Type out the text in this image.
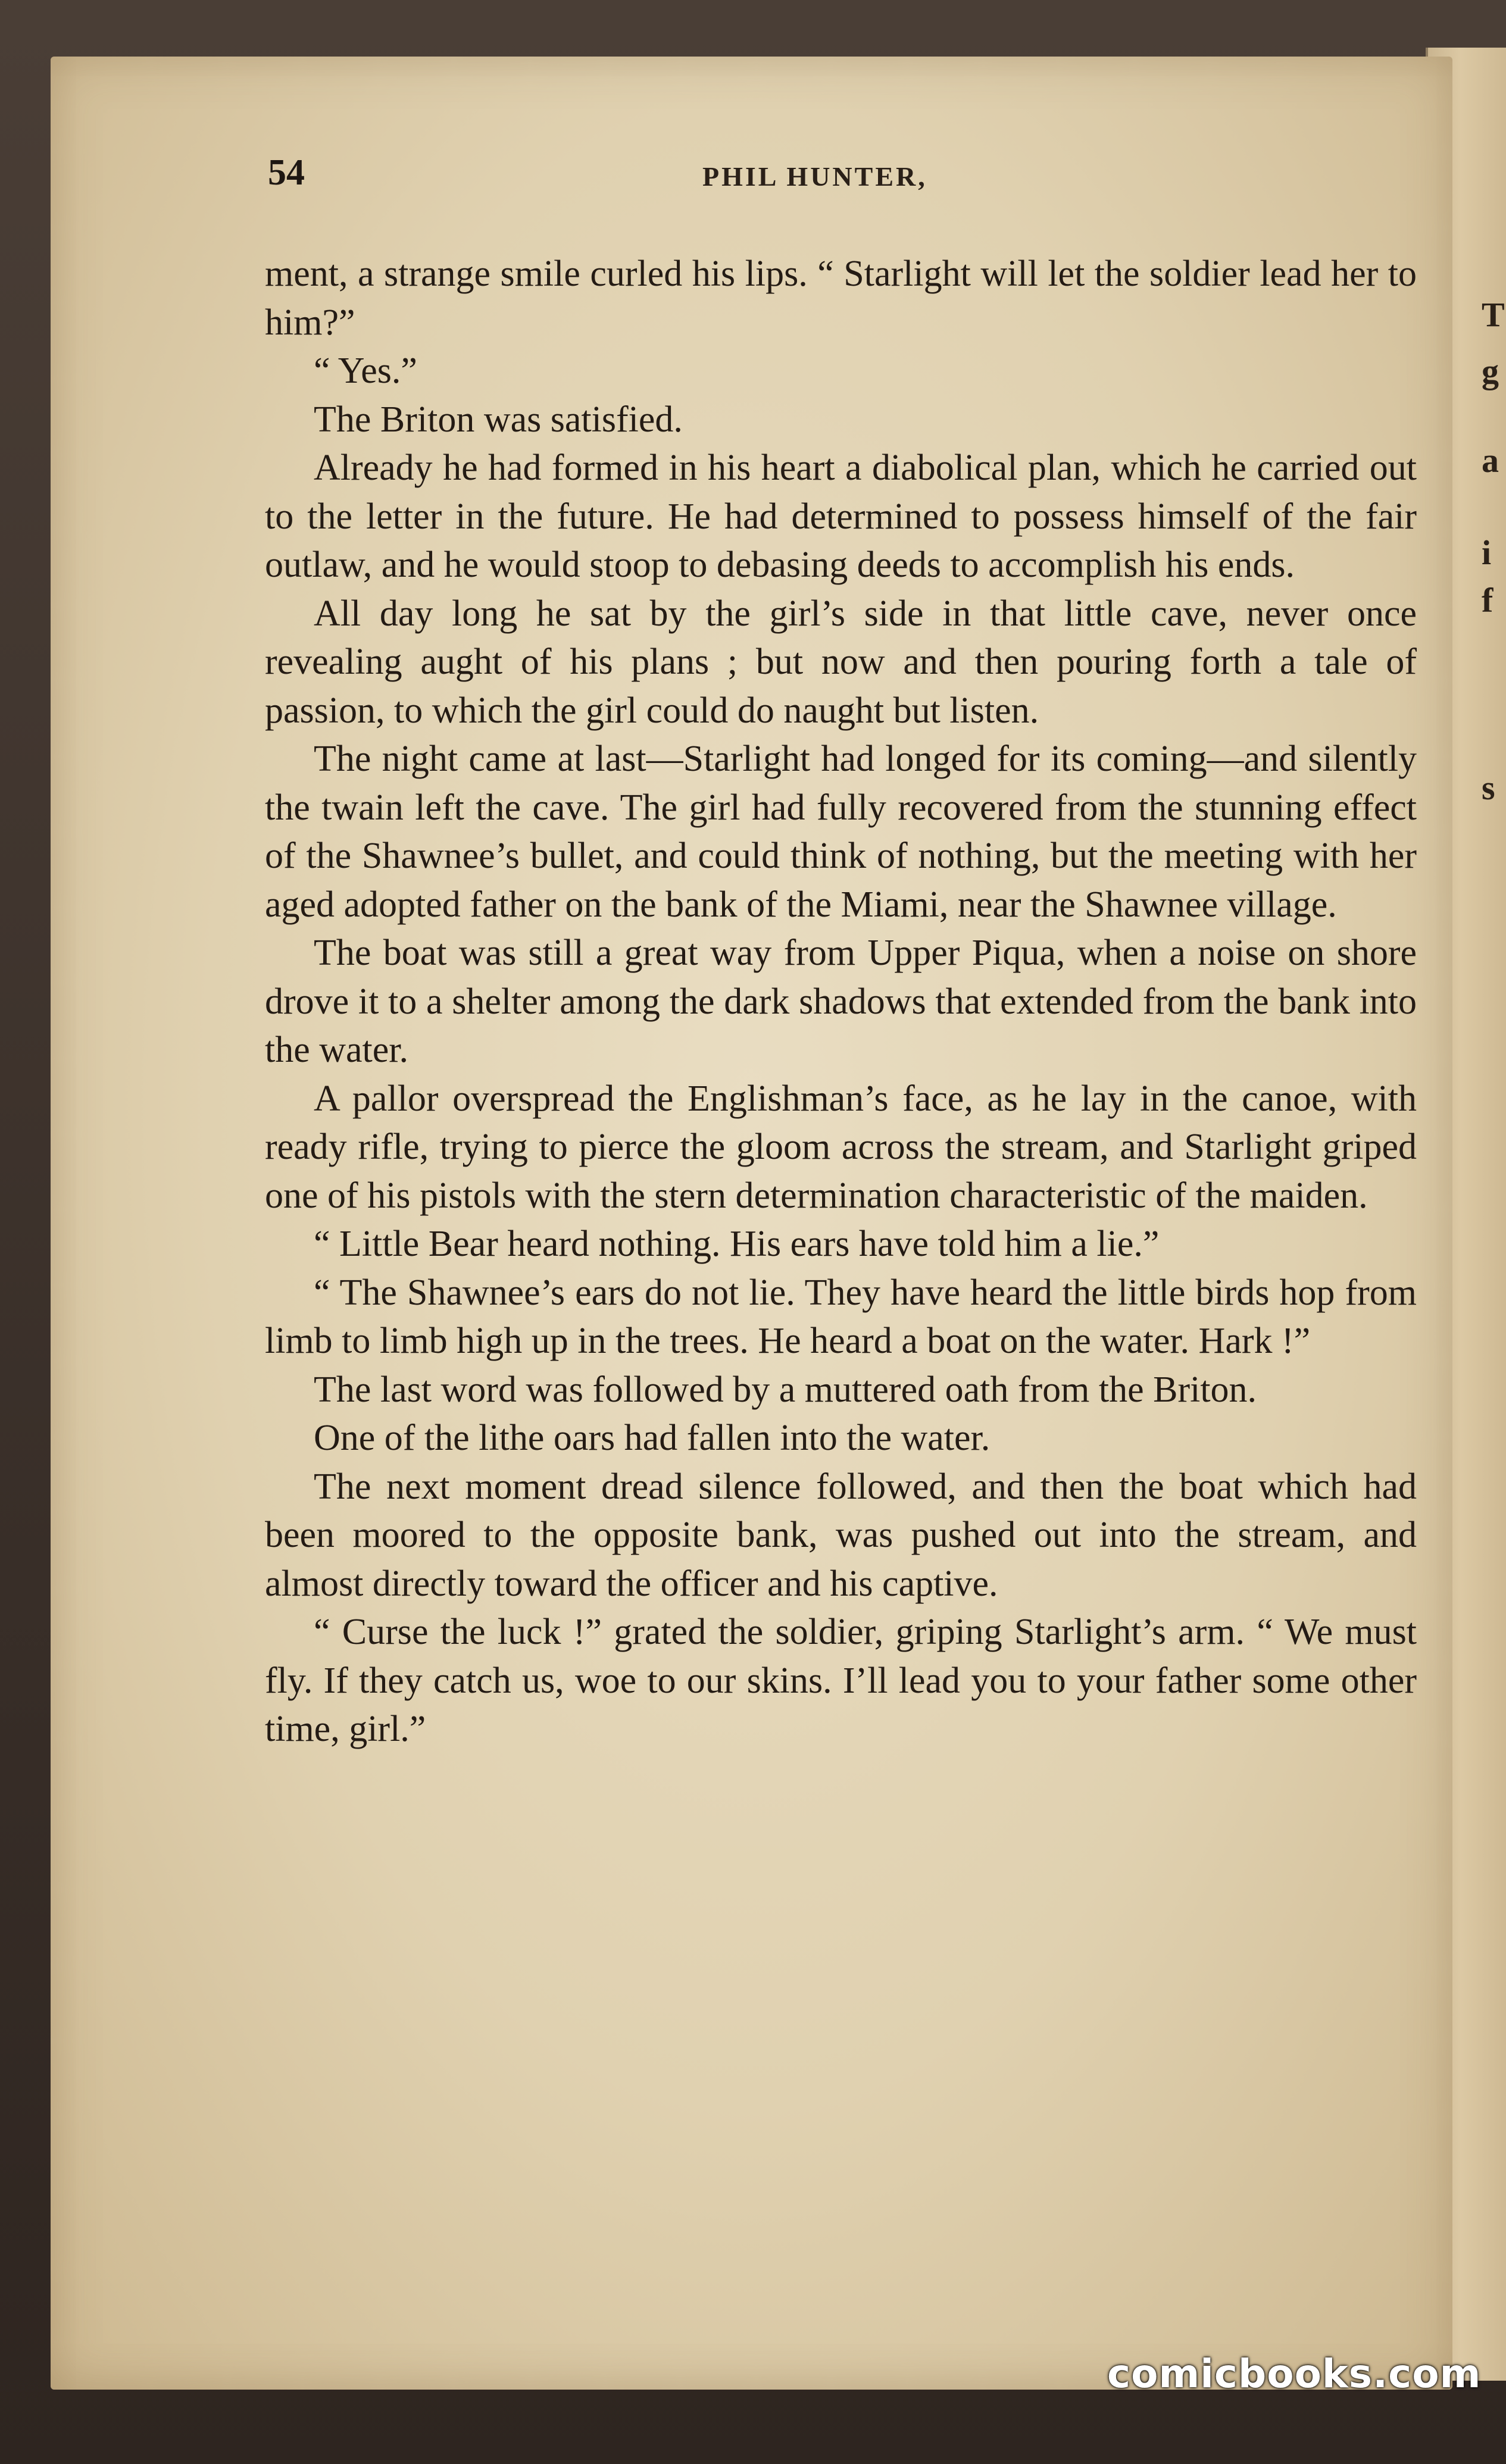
T
g
a
i
f
s
54	PHIL HUNTER,

ment, a strange smile curled his lips. “ Starlight will let the soldier lead her to him?”

“ Yes.”

The Briton was satisfied.

Already he had formed in his heart a diabolical plan, which he carried out to the letter in the future. He had determined to possess himself of the fair outlaw, and he would stoop to debasing deeds to accomplish his ends.

All day long he sat by the girl’s side in that little cave, never once revealing aught of his plans ; but now and then pouring forth a tale of passion, to which the girl could do naught but listen.

The night came at last—Starlight had longed for its coming—and silently the twain left the cave. The girl had fully recovered from the stunning effect of the Shawnee’s bullet, and could think of nothing, but the meeting with her aged adopted father on the bank of the Miami, near the Shawnee village.

The boat was still a great way from Upper Piqua, when a noise on shore drove it to a shelter among the dark shadows that extended from the bank into the water.

A pallor overspread the Englishman’s face, as he lay in the canoe, with ready rifle, trying to pierce the gloom across the stream, and Starlight griped one of his pistols with the stern determination characteristic of the maiden.

“ Little Bear heard nothing. His ears have told him a lie.”

“ The Shawnee’s ears do not lie. They have heard the little birds hop from limb to limb high up in the trees. He heard a boat on the water. Hark !”

The last word was followed by a muttered oath from the Briton.

One of the lithe oars had fallen into the water.

The next moment dread silence followed, and then the boat which had been moored to the opposite bank, was pushed out into the stream, and almost directly toward the officer and his captive.

“ Curse the luck !” grated the soldier, griping Starlight’s arm. “ We must fly. If they catch us, woe to our skins. I’ll lead you to your father some other time, girl.”

comicbooks.com
